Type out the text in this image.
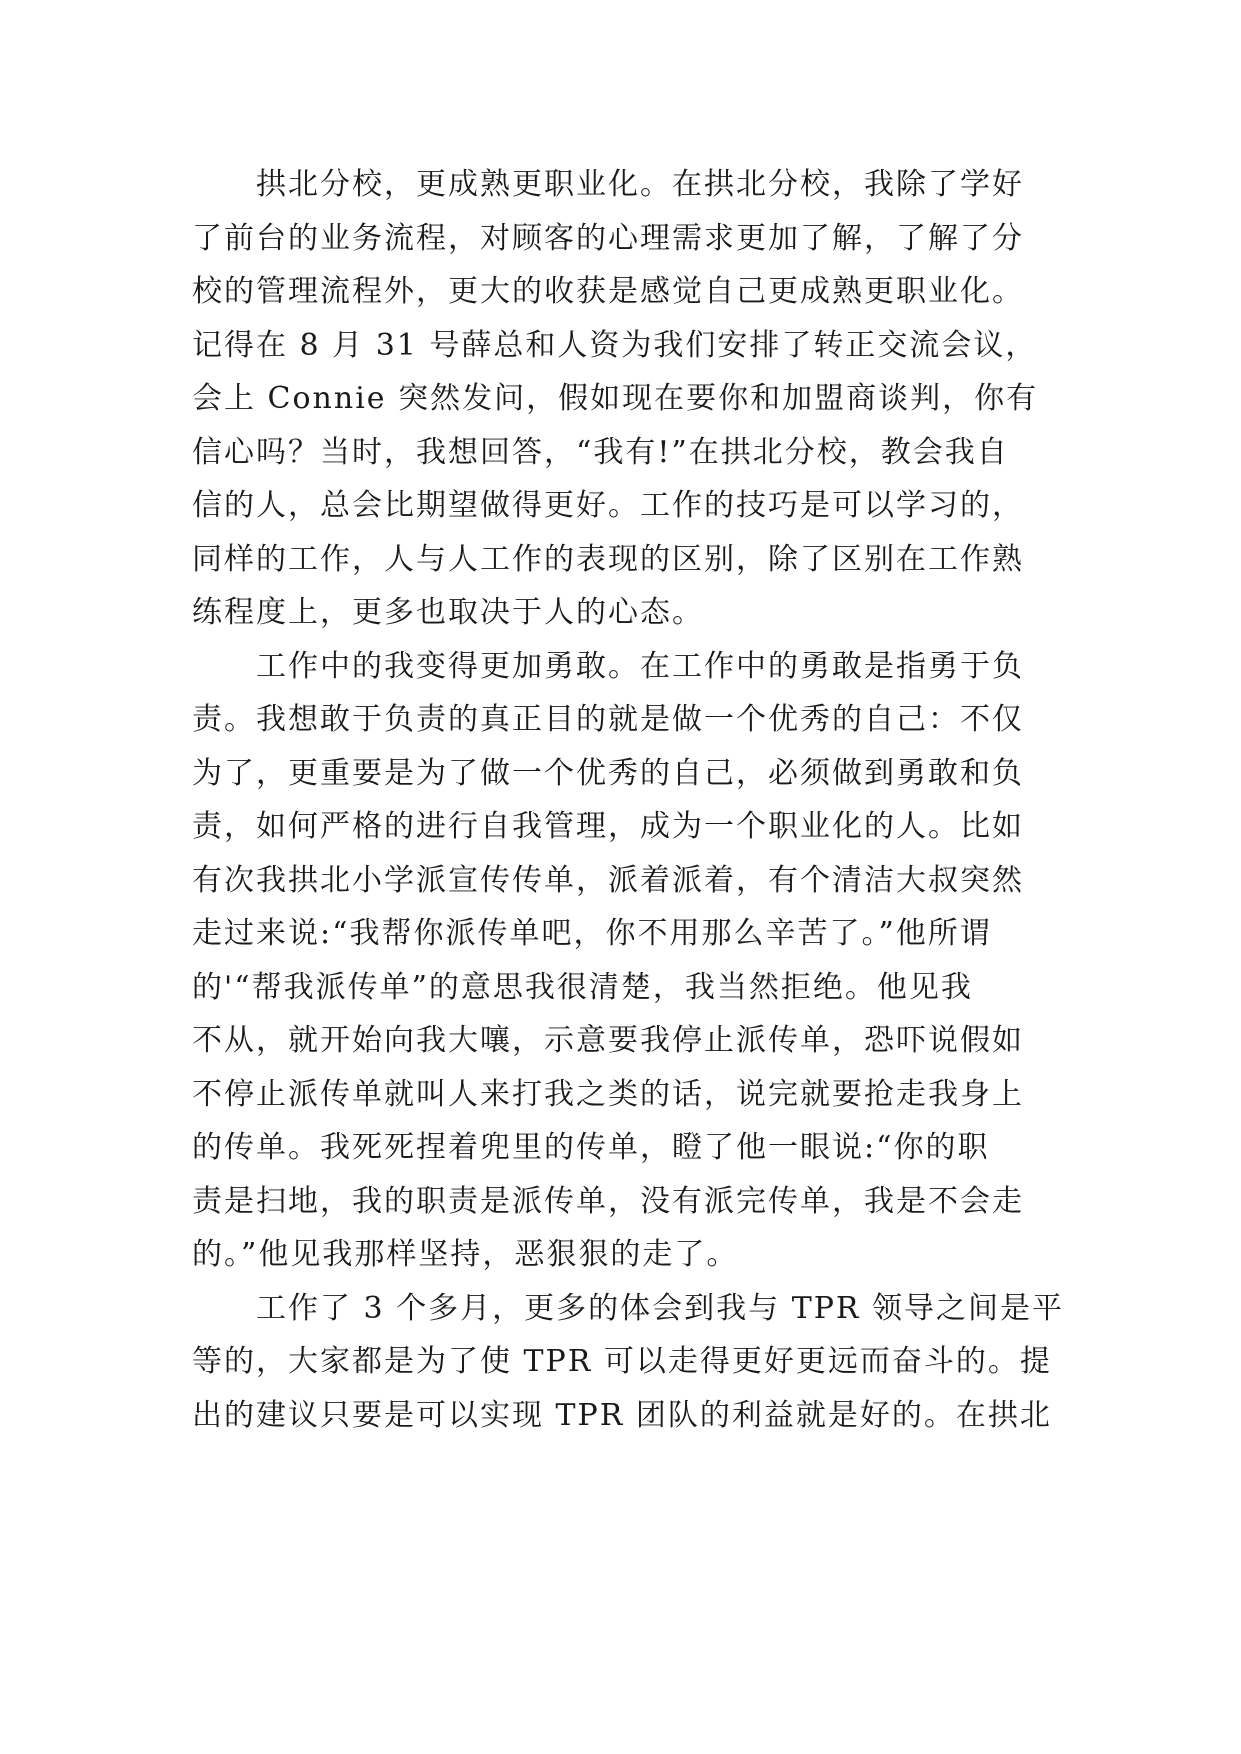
拱北分校，更成熟更职业化。在拱北分校，我除了学好
了前台的业务流程，对顾客的心理需求更加了解，了解了分
校的管理流程外，更大的收获是感觉自己更成熟更职业化。
记得在 8 月 31 号薛总和人资为我们安排了转正交流会议，
会上 Connie 突然发问，假如现在要你和加盟商谈判，你有
信心吗？当时，我想回答，“我有!”在拱北分校，教会我自
信的人，总会比期望做得更好。工作的技巧是可以学习的，
同样的工作，人与人工作的表现的区别，除了区别在工作熟
练程度上，更多也取决于人的心态。
工作中的我变得更加勇敢。在工作中的勇敢是指勇于负
责。我想敢于负责的真正目的就是做一个优秀的自己：不仅
为了，更重要是为了做一个优秀的自己，必须做到勇敢和负
责，如何严格的进行自我管理，成为一个职业化的人。比如
有次我拱北小学派宣传传单，派着派着，有个清洁大叔突然
走过来说:“我帮你派传单吧，你不用那么辛苦了。”他所谓
的'“帮我派传单”的意思我很清楚，我当然拒绝。他见我
不从，就开始向我大嚷，示意要我停止派传单，恐吓说假如
不停止派传单就叫人来打我之类的话，说完就要抢走我身上
的传单。我死死捏着兜里的传单，瞪了他一眼说:“你的职
责是扫地，我的职责是派传单，没有派完传单，我是不会走
的。”他见我那样坚持，恶狠狠的走了。
工作了 3 个多月，更多的体会到我与 TPR 领导之间是平
等的，大家都是为了使 TPR 可以走得更好更远而奋斗的。提
出的建议只要是可以实现 TPR 团队的利益就是好的。在拱北
